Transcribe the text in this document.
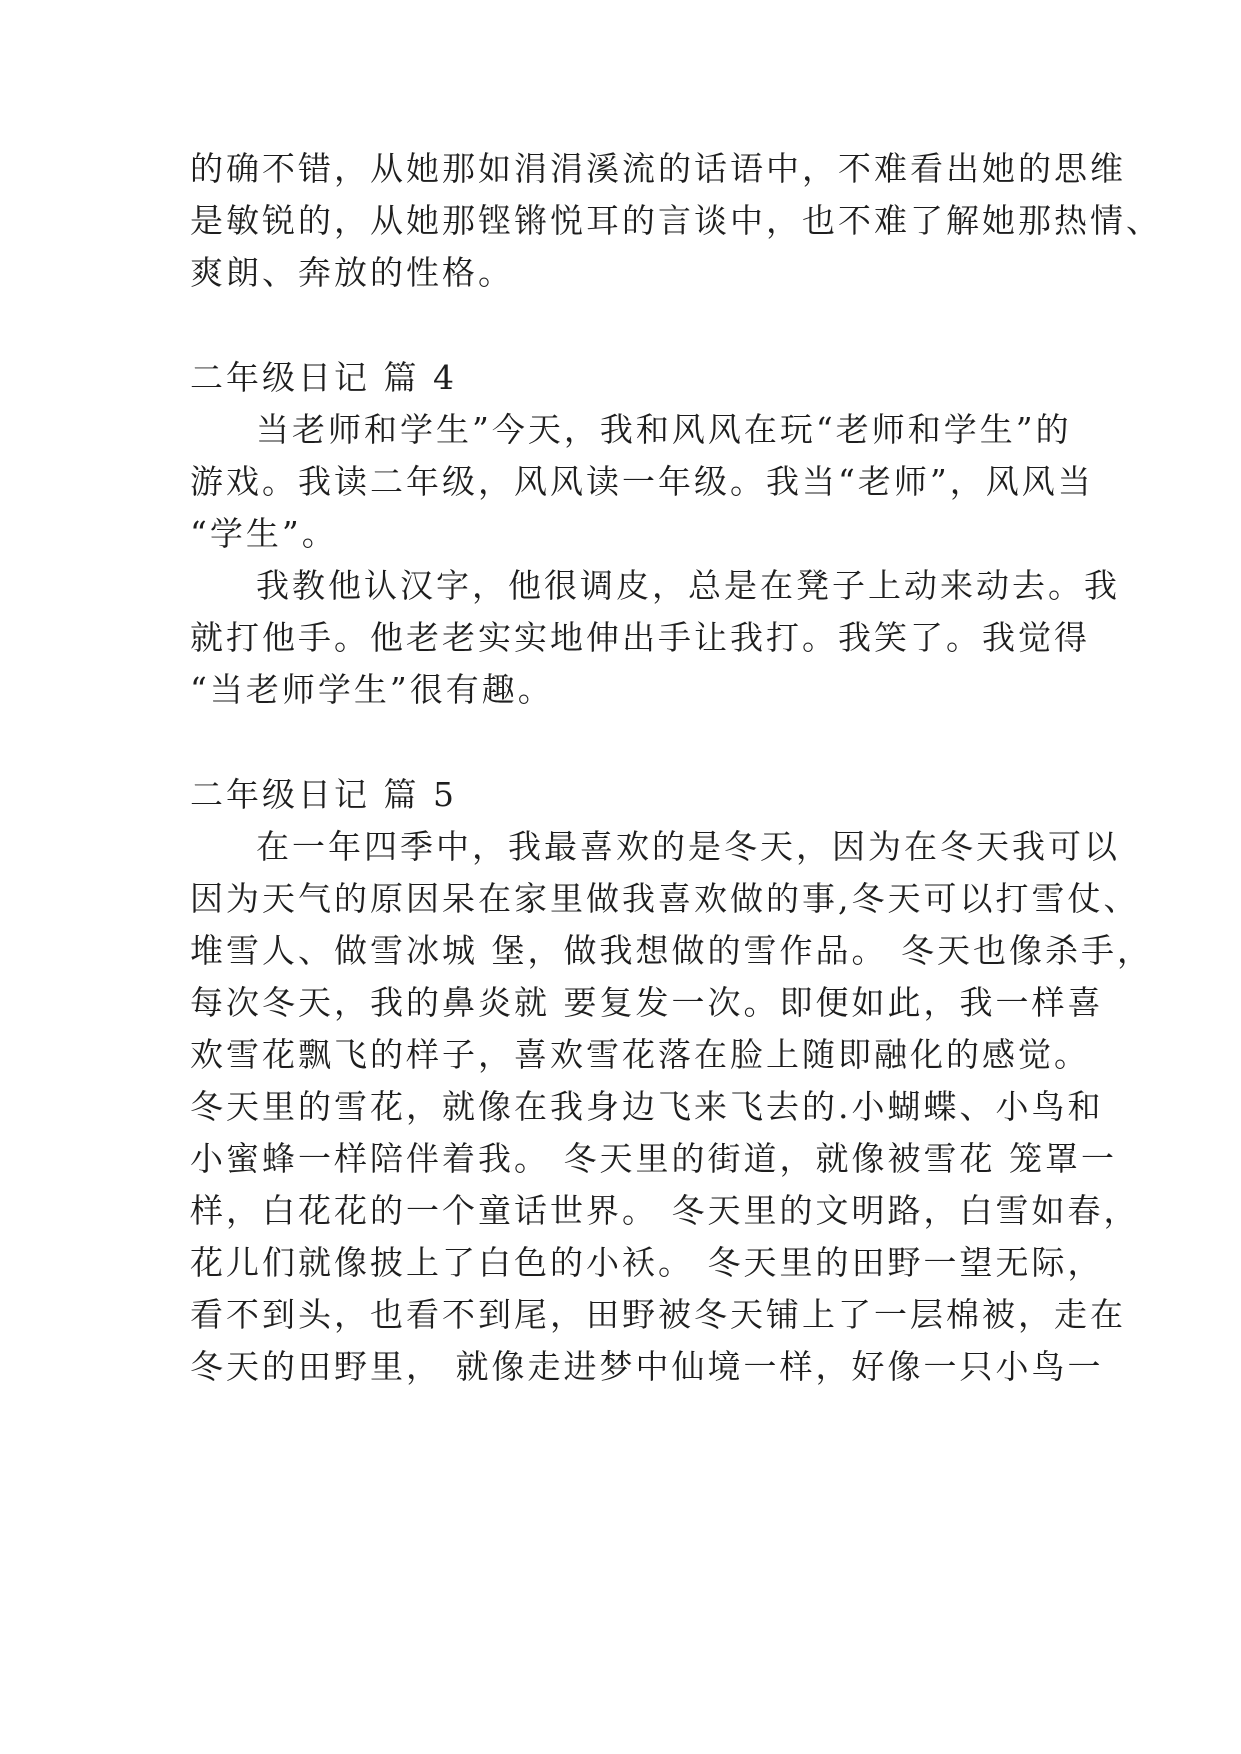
的确不错，从她那如涓涓溪流的话语中，不难看出她的思维
是敏锐的，从她那铿锵悦耳的言谈中，也不难了解她那热情、
爽朗、奔放的性格。
二年级日记 篇 4
当老师和学生”今天，我和风风在玩“老师和学生”的
游戏。我读二年级，风风读一年级。我当“老师”，风风当
“学生”。
我教他认汉字，他很调皮，总是在凳子上动来动去。我
就打他手。他老老实实地伸出手让我打。我笑了。我觉得
“当老师学生”很有趣。
二年级日记 篇 5
在一年四季中，我最喜欢的是冬天，因为在冬天我可以
因为天气的原因呆在家里做我喜欢做的事,冬天可以打雪仗、
堆雪人、做雪冰城 堡，做我想做的雪作品。 冬天也像杀手，
每次冬天，我的鼻炎就 要复发一次。即便如此，我一样喜
欢雪花飘飞的样子，喜欢雪花落在脸上随即融化的感觉。
冬天里的雪花，就像在我身边飞来飞去的.小蝴蝶、小鸟和
小蜜蜂一样陪伴着我。 冬天里的街道，就像被雪花 笼罩一
样，白花花的一个童话世界。 冬天里的文明路，白雪如春，
花儿们就像披上了白色的小袄。 冬天里的田野一望无际，
看不到头，也看不到尾，田野被冬天铺上了一层棉被，走在
冬天的田野里， 就像走进梦中仙境一样，好像一只小鸟一
